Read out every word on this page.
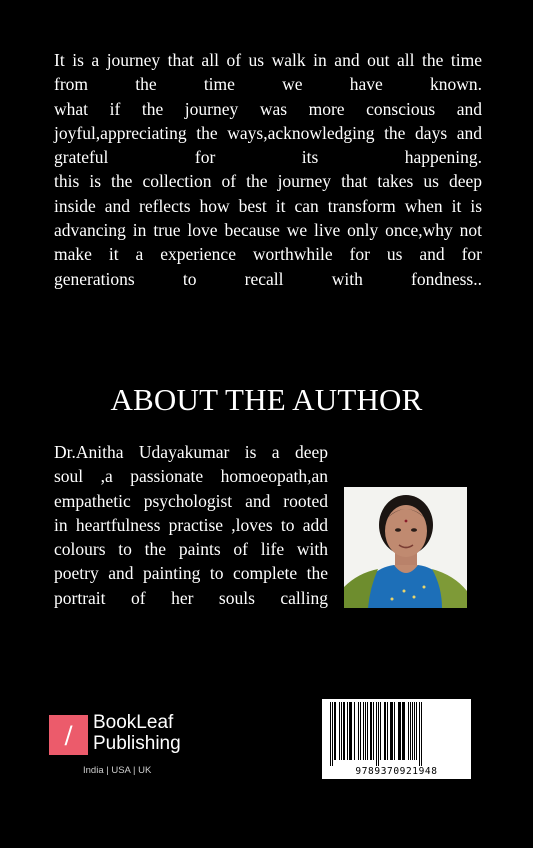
It is a journey that all of us walk in and out all the time
from the time we have known.
what if the journey was more conscious and
joyful,appreciating the ways,acknowledging the days and
grateful for its happening.
this is the collection of the journey that takes us deep
inside and reflects how best it can transform when it is
advancing in true love because we live only once,why not
make it a experience worthwhile for us and for
generations to recall with fondness..
ABOUT THE AUTHOR
Dr.Anitha Udayakumar is a deep
soul ,a passionate homoeopath,an
empathetic psychologist and rooted
in heartfulness practise ,loves to add
colours to the paints of life with
poetry and painting to complete the
portrait of her souls calling
/ BookLeaf
Publishing
India | USA | UK	9789370921948
